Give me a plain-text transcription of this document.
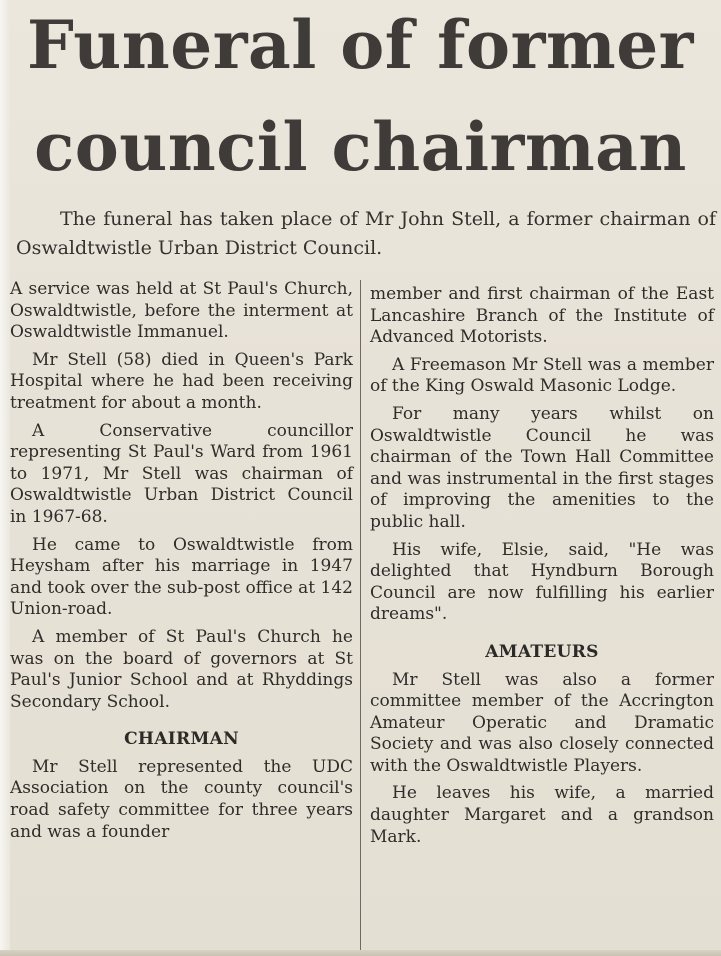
Funeral of former
council chairman

The funeral has taken place of Mr John Stell, a former chairman of Oswaldtwistle Urban District Council.

A service was held at St Paul's Church, Oswaldtwistle, before the interment at Oswaldtwistle Immanuel.

Mr Stell (58) died in Queen's Park Hospital where he had been receiving treatment for about a month.

A Conservative councillor representing St Paul's Ward from 1961 to 1971, Mr Stell was chairman of Oswaldtwistle Urban District Council in 1967-68.

He came to Oswaldtwistle from Heysham after his marriage in 1947 and took over the sub-post office at 142 Union-road.

A member of St Paul's Church he was on the board of governors at St Paul's Junior School and at Rhyddings Secondary School.

CHAIRMAN

Mr Stell represented the UDC Association on the county council's road safety committee for three years and was a founder

member and first chairman of the East Lancashire Branch of the Institute of Advanced Motorists.

A Freemason Mr Stell was a member of the King Oswald Masonic Lodge.

For many years whilst on Oswaldtwistle Council he was chairman of the Town Hall Committee and was instrumental in the first stages of improving the amenities to the public hall.

His wife, Elsie, said, "He was delighted that Hyndburn Borough Council are now fulfilling his earlier dreams".

AMATEURS

Mr Stell was also a former committee member of the Accrington Amateur Operatic and Dramatic Society and was also closely connected with the Oswaldtwistle Players.

He leaves his wife, a married daughter Margaret and a grandson Mark.
